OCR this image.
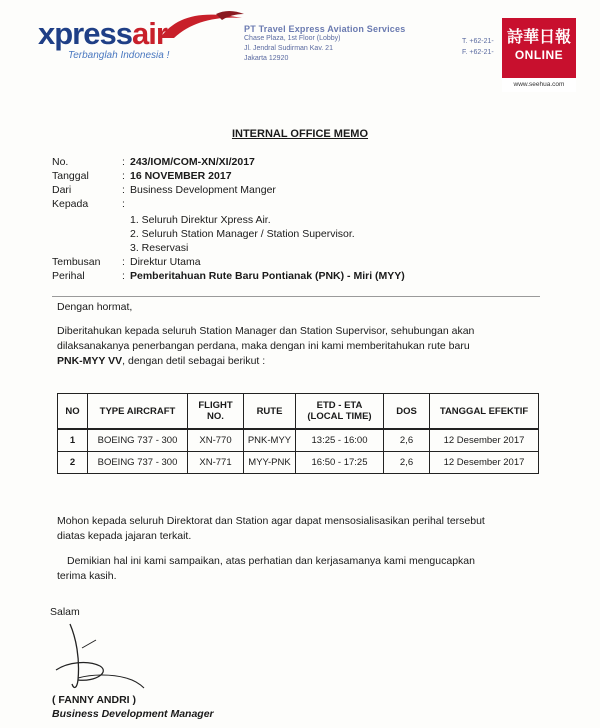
xpressair
Terbanglah Indonesia !
PT Travel Express Aviation Services
Chase Plaza, 1st Floor (Lobby)
Jl. Jendral Sudirman Kav. 21
Jakarta 12920
T. +62-21-
F. +62-21-
詩華日報
ONLINE
www.seehua.com
INTERNAL OFFICE MEMO
No.	: 243/IOM/COM-XN/XI/2017
Tanggal	: 16 NOVEMBER 2017
Dari	: Business Development Manger
Kepada	:
1. Seluruh Direktur Xpress Air.
2. Seluruh Station Manager / Station Supervisor.
3. Reservasi
Tembusan : Direktur Utama
Perihal	: Pemberitahuan Rute Baru Pontianak (PNK) - Miri (MYY)
Dengan hormat,
Diberitahukan kepada seluruh Station Manager dan Station Supervisor, sehubungan akan
dilaksanakanya penerbangan perdana, maka dengan ini kami memberitahukan rute baru
PNK-MYY VV, dengan detil sebagai berikut :
NO	TYPE AIRCRAFT	FLIGHT NO.	RUTE	ETD - ETA (LOCAL TIME)	DOS	TANGGAL EFEKTIF
1	BOEING 737 - 300	XN-770	PNK-MYY	13:25 - 16:00	2,6	12 Desember 2017
2	BOEING 737 - 300	XN-771	MYY-PNK	16:50 - 17:25	2,6	12 Desember 2017
Mohon kepada seluruh Direktorat dan Station agar dapat mensosialisasikan perihal tersebut
diatas kepada jajaran terkait.
Demikian hal ini kami sampaikan, atas perhatian dan kerjasamanya kami mengucapkan
terima kasih.
Salam
( FANNY ANDRI )
Business Development Manager
